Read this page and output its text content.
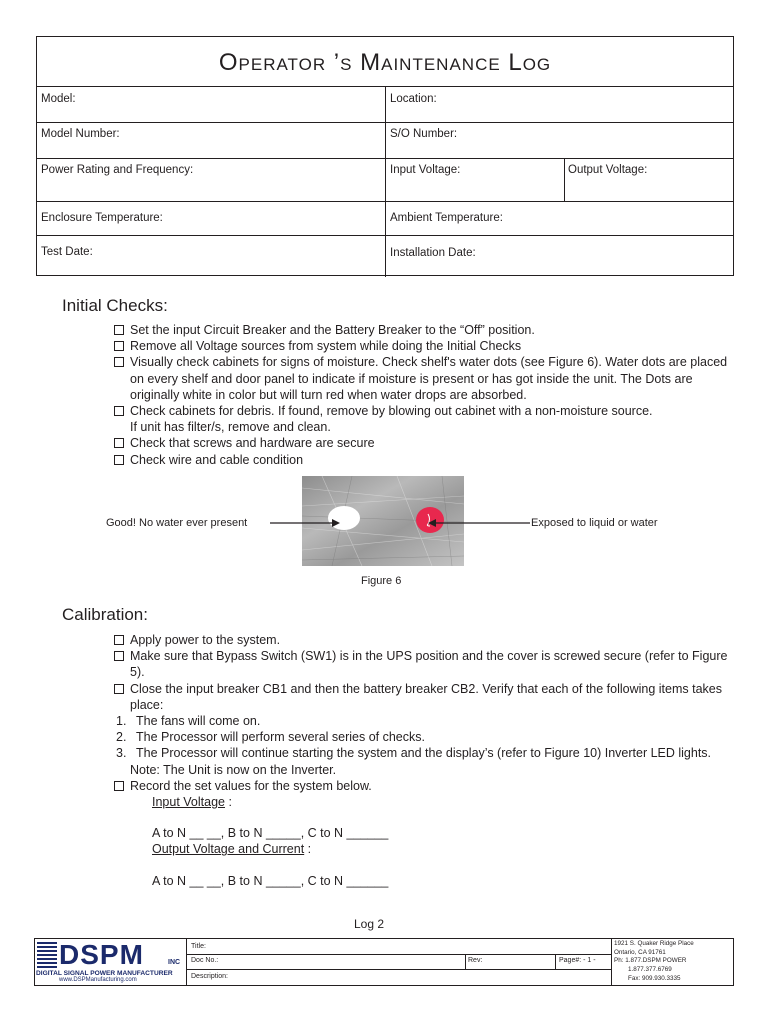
Operator ’s Maintenance Log
Model:	Location:
Model Number:	S/O Number:
Power Rating and Frequency:	Input Voltage:	Output Voltage:
Enclosure Temperature:	Ambient Temperature:
Test Date:	Installation Date:
Initial Checks:
Set the input Circuit Breaker and the Battery Breaker to the “Off” position.
Remove all Voltage sources from system while doing the Initial Checks
Visually check cabinets for signs of moisture. Check shelf's water dots (see Figure 6). Water dots are placed on every shelf and door panel to indicate if moisture is present or has got inside the unit. The Dots are originally white in color but will turn red when water drops are absorbed.
Check cabinets for debris. If found, remove by blowing out cabinet with a non-moisture source.
If unit has filter/s, remove and clean.
Check that screws and hardware are secure
Check wire and cable condition
Good! No water ever present	Exposed to liquid or water
Figure 6
Calibration:
Apply power to the system.
Make sure that Bypass Switch (SW1) is in the UPS position and the cover is screwed secure (refer to Figure 5).
Close the input breaker CB1 and then the battery breaker CB2. Verify that each of the following items takes place:
1. The fans will come on.
2. The Processor will perform several series of checks.
3. The Processor will continue starting the system and the display’s (refer to Figure 10) Inverter LED lights.
Note: The Unit is now on the Inverter.
Record the set values for the system below.
Input Voltage :
A to N __ __, B to N _____, C to N ______
Output Voltage and Current :
A to N __ __, B to N _____, C to N ______
Log 2
DSPM	INC
DIGITAL SIGNAL POWER MANUFACTURER
www.DSPManufacturing.com
Title:
Doc No.:
Description:
Rev:	Page#: - 1 -
1921 S. Quaker Ridge Place
Ontario, CA 91761
Ph: 1.877.DSPM POWER
1.877.377.6769
Fax: 909.930.3335
